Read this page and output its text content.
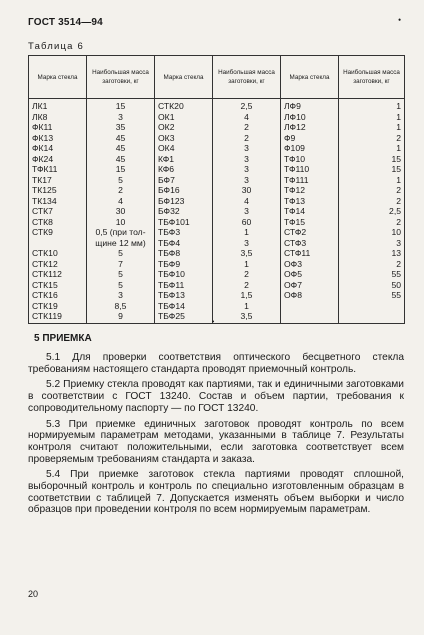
ГОСТ 3514—94	•
Таблица 6
Марка стекла	Наибольшая масса заготовки, кг	Марка стекла	Наибольшая масса заготовки, кг	Марка стекла	Наибольшая масса заготовки, кг
ЛК1	15	СТК20	2,5	ЛФ9	1
ЛК8	3	ОК1	4	ЛФ10	1
ФК11	35	ОК2	2	ЛФ12	1
ФК13	45	ОК3	2	Ф9	2
ФК14	45	ОК4	3	Ф109	1
ФК24	45	КФ1	3	ТФ10	15
ТФК11	15	КФ6	3	ТФ110	15
ТК17	5	БФ7	3	ТФ111	1
ТК125	2	БФ16	30	ТФ12	2
ТК134	4	БФ123	4	ТФ13	2
СТК7	30	БФ32	3	ТФ14	2,5
СТК8	10	ТБФ101	60	ТФ15	2
СТК9	0,5 (при тол-	ТБФ3	1	СТФ2	10
	щине 12 мм)	ТБФ4	3	СТФ3	3
СТК10	5	ТБФ8	3,5	СТФ11	13
СТК12	7	ТБФ9	1	ОФ3	2
СТК112	5	ТБФ10	2	ОФ5	55
СТК15	5	ТБФ11	2	ОФ7	50
СТК16	3	ТБФ13	1,5	ОФ8	55
СТК19	8,5	ТБФ14	1		
СТК119	9	ТБФ25	3,5		
•
5 ПРИЕМКА

5.1 Для проверки соответствия оптического бесцветного стекла требованиям настоящего стандарта проводят приемочный контроль.

5.2 Приемку стекла проводят как партиями, так и единичными заготовками в соответствии с ГОСТ 13240. Состав и объем партии, требования к сопроводительному паспорту — по ГОСТ 13240.

5.3 При приемке единичных заготовок проводят контроль по всем нормируемым параметрам методами, указанными в таблице 7. Результаты контроля считают положительными, если заготовка соответствует всем проверяемым требованиям стандарта и заказа.

5.4 При приемке заготовок стекла партиями проводят сплошной, выборочный контроль и контроль по специально изготовленным образцам в соответствии с таблицей 7. Допускается изменять объем выборки и число образцов при проведении контроля по всем нормируемым параметрам.

20
